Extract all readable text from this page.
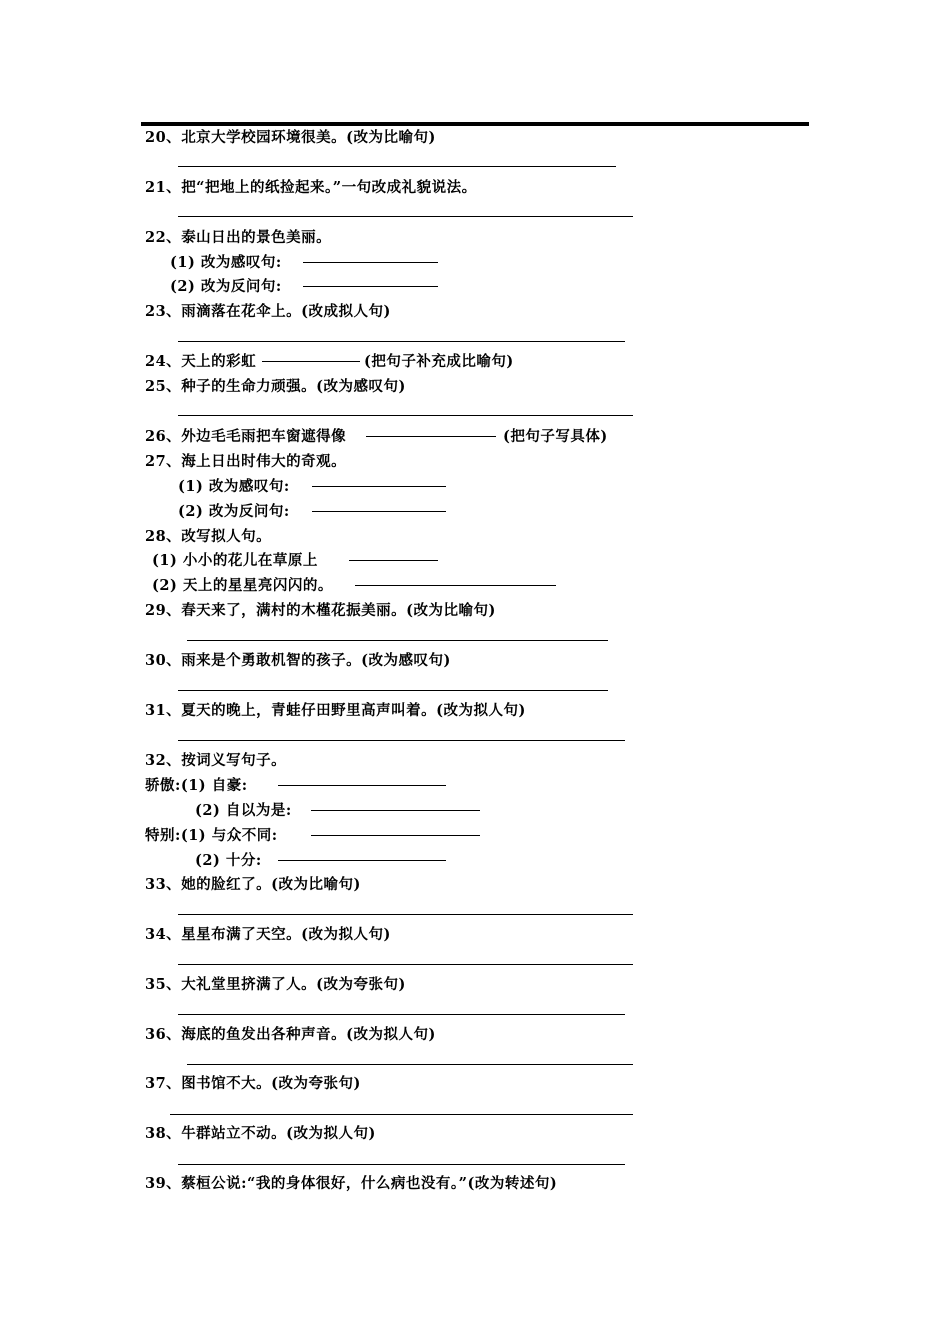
20、北京大学校园环境很美。(改为比喻句)
21、把“把地上的纸捡起来。”一句改成礼貌说法。
22、泰山日出的景色美丽。
(1) 改为感叹句:
(2) 改为反问句:
23、雨滴落在花伞上。(改成拟人句)
24、天上的彩虹	(把句子补充成比喻句)
25、种子的生命力顽强。(改为感叹句)
26、外边毛毛雨把车窗遮得像	(把句子写具体)
27、海上日出时伟大的奇观。
(1) 改为感叹句:
(2) 改为反问句:
28、改写拟人句。
(1) 小小的花儿在草原上
(2) 天上的星星亮闪闪的。
29、春天来了，满村的木槿花振美丽。(改为比喻句)
30、雨来是个勇敢机智的孩子。(改为感叹句)
31、夏天的晚上，青蛙仔田野里高声叫着。(改为拟人句)
32、按词义写句子。
骄傲:(1) 自豪:
(2) 自以为是:
特别:(1) 与众不同:
(2) 十分:
33、她的脸红了。(改为比喻句)
34、星星布满了天空。(改为拟人句)
35、大礼堂里挤满了人。(改为夸张句)
36、海底的鱼发出各种声音。(改为拟人句)
37、图书馆不大。(改为夸张句)
38、牛群站立不动。(改为拟人句)
39、蔡桓公说:“我的身体很好，什么病也没有。”(改为转述句)
